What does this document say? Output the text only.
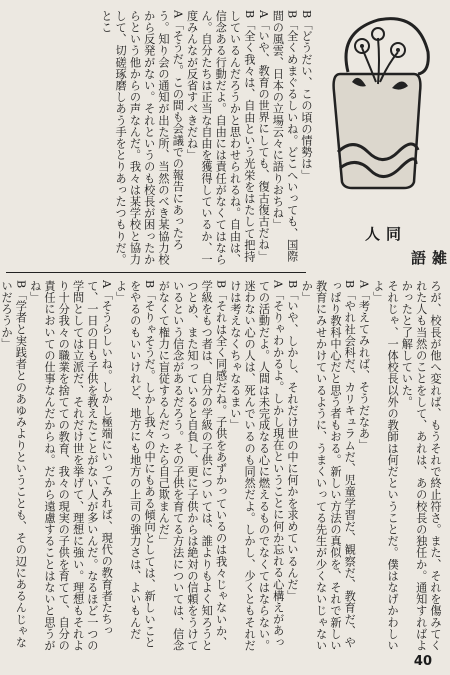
同人
雑語
B「どうだい、この頃の情勢は」
B「全くめまぐるしいね。どこへいっても、国際間の風雲、日本の立場云々に語りおちね」
A「いや、教育の世界にしても、復古復古だね」
B「全く我々は、自由という光栄をはたして把持しているんだろうかと思わせられるね。自由は、信念ある行動だよ。自由には責任がなくてはならん。自分たちは正当な自由を獲得しているか、一度みんなが反省すべきだね」
A「そうだ。この間も会議での報告にあったろう。知り会の通知が出た所、当然のべき某協力校から反発がない。それというのも校長が困ったからという他からの声なんだ。我々は某学校と協力して、切磋琢磨しあう手をとりあったつもりだ。とこ
ろが、校長が他へ変れば、もうそれで終止符さ。また、それを傷みてくれた人も当然のことをして、あれは、あの校長の独任か。通知すればよかったと了解していた。
それじゃ、一体校長以外の教師は何だということだ。僕はなげかわしいよ」
A「考えてみれば、そうだなあ」
B「やれ社会科だ、カリキュラムだ、児童学習だ、観察だ、教育だ、やっぱり教科中心だと思う者もおる。新しい方法の真似を、それで新しい教育にみせかけているように、うまくいってる先生が少くないじゃないか」
B「いや、しかし、それだけ世の中に何かを求めているんだ」
A「そりゃわかるよ。しかし現在ということに何か忘れる心構えがあっての活動だよ。人間は未完成なる心に燃えるものでなくてはならない。迷わない心の人は、死んでいるのも同然だよ。しかし、少くともそれだけは考えなくちゃなるまい」
B「それは全く同感だね。子供をあずかっているのは我々じゃないか、学級をもつ者は、自分の学級の子供については、誰よりもよく知ろうとつとめ、また知っていると自負し、更に子供からは絶対の信頼をうけているという信念があるだろう。その子供を育てる方法については、信念がなくて権力に盲従するんだったら自己欺まんだ」
B「そりゃそうだ。しかし我々の中にもある傾向としては、新しいことをやるのもいいけれど、地方にも地方の上司の強力さは、よいもんだよ」
A「そうらしいね。しかし極端にいってみれば、現代の教育者たちって、一日の日も子供を教えたことがない人が多いんだ。なるほど一つの学問としては立派だ、それだけ世を挙げて、理想に強い。理想もそれより十分我々の職業を捨てての教育、我々の現実の子供を育てて、自分の責任においての仕事なんだからね。だから遠慮することはないと思うがね」
B「学者と実践者とのあゆみよりということも、その辺にあるんじゃないだろうか」

40
